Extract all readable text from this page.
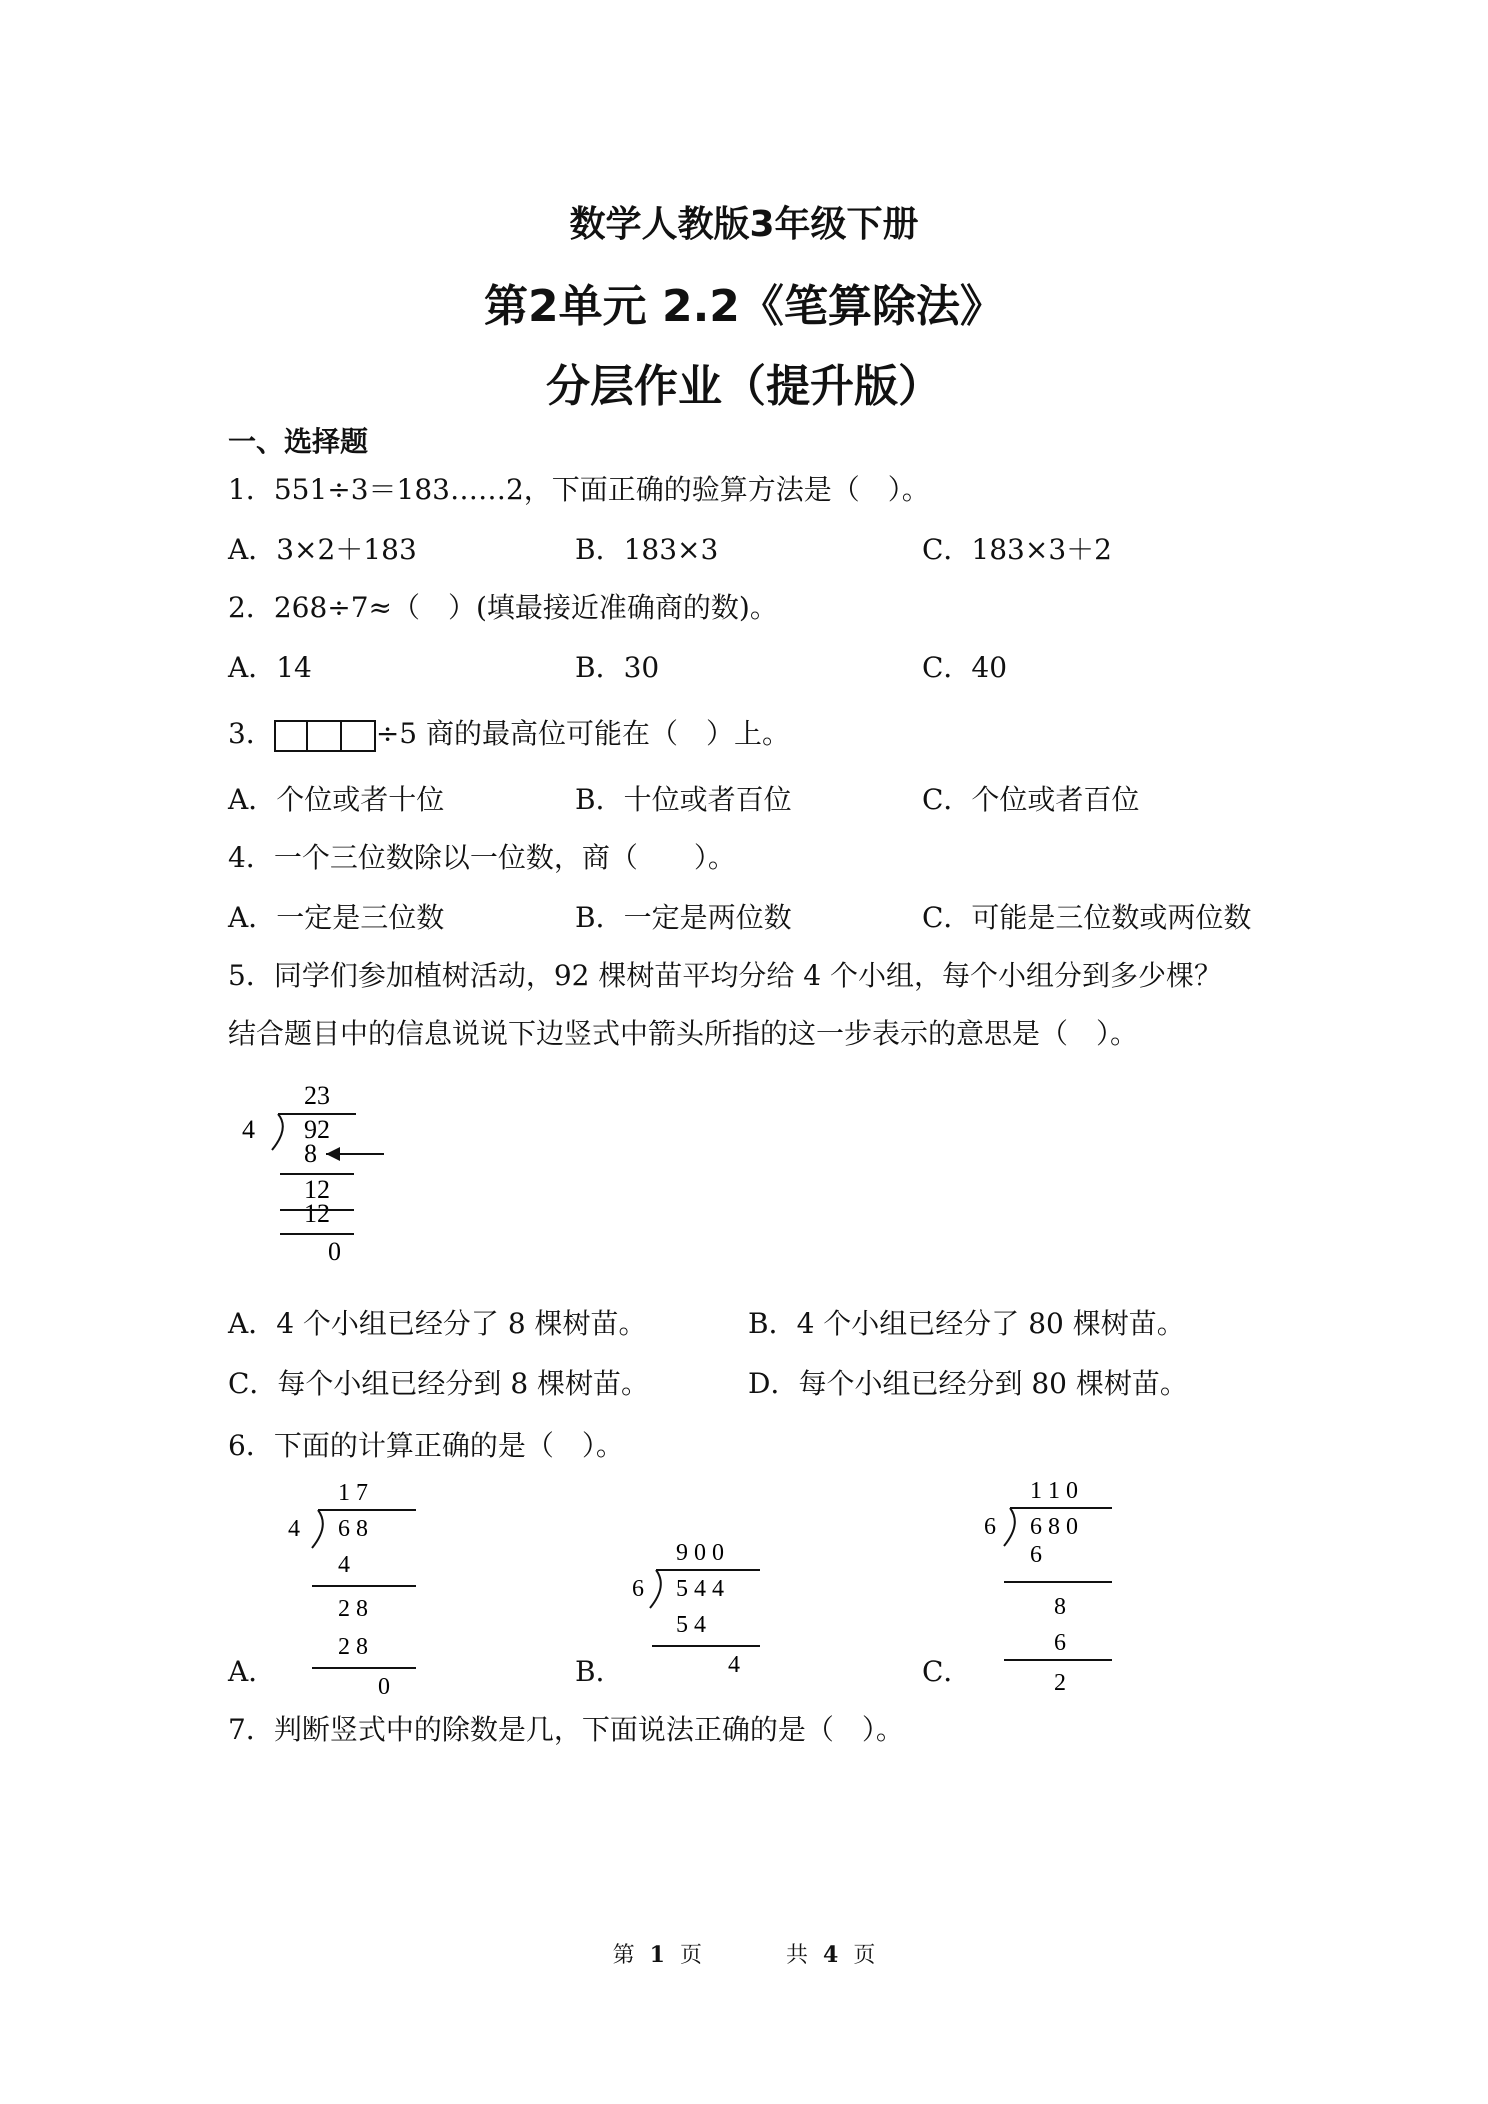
数学人教版3年级下册
第2单元 2.2《笔算除法》
分层作业（提升版）
一、选择题
1．551÷3＝183……2，下面正确的验算方法是（　）。
A．3×2＋183	B．183×3	C．183×3＋2
2．268÷7≈（　）(填最接近准确商的数)。
A．14	B．30	C．40
3．	÷5 商的最高位可能在（　）上。
A．个位或者十位	B．十位或者百位	C．个位或者百位
4．一个三位数除以一位数，商（　　）。
A．一定是三位数	B．一定是两位数	C．可能是三位数或两位数
5．同学们参加植树活动，92 棵树苗平均分给 4 个小组，每个小组分到多少棵？
结合题目中的信息说说下边竖式中箭头所指的这一步表示的意思是（　）。
23
4 92
8
12
12
0
A．4 个小组已经分了 8 棵树苗。	B．4 个小组已经分了 80 棵树苗。
C．每个小组已经分到 8 棵树苗。	D．每个小组已经分到 80 棵树苗。
6．下面的计算正确的是（　）。
1 7
4 6 8
4
2 8
2 8
0
A．
9 0 0
6 5 4 4
5 4
4
B．
1 1 0
6 6 8 0
6
8
6
2
C．
7．判断竖式中的除数是几，下面说法正确的是（　）。
第 1 页	共 4 页
